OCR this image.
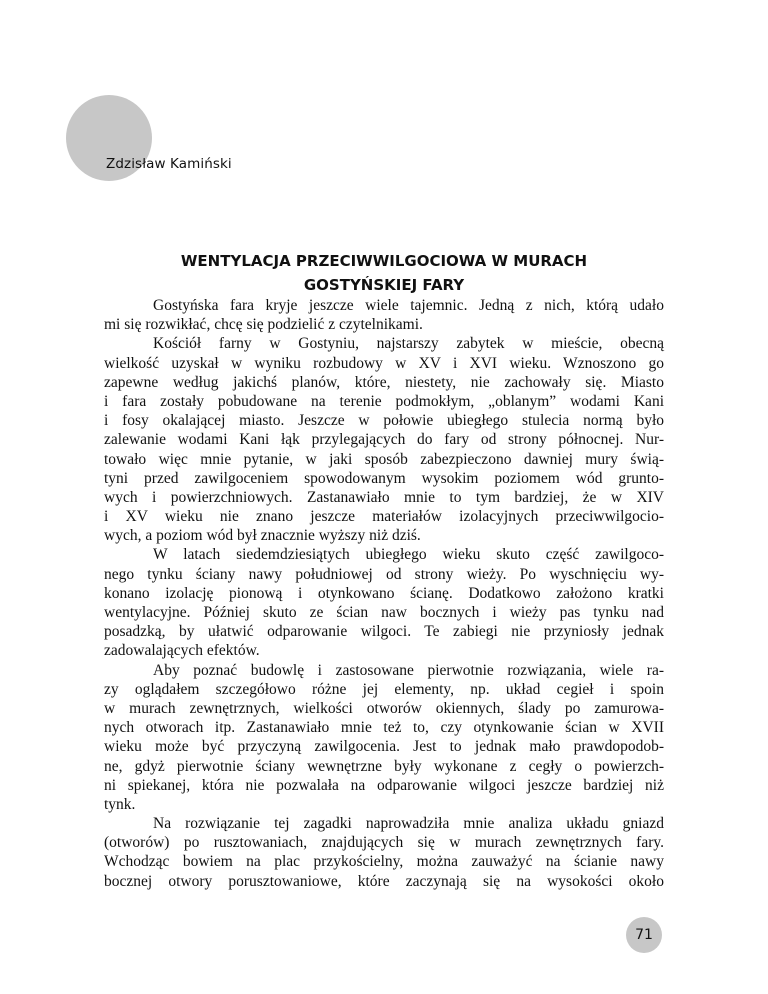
Zdzisław Kamiński
WENTYLACJA PRZECIWWILGOCIOWA W MURACH
GOSTYŃSKIEJ FARY
Gostyńska fara kryje jeszcze wiele tajemnic. Jedną z nich, którą udało
mi się rozwikłać, chcę się podzielić z czytelnikami.
Kościół farny w Gostyniu, najstarszy zabytek w mieście, obecną
wielkość uzyskał w wyniku rozbudowy w XV i XVI wieku. Wznoszono go
zapewne według jakichś planów, które, niestety, nie zachowały się. Miasto
i fara zostały pobudowane na terenie podmokłym, „oblanym” wodami Kani
i fosy okalającej miasto. Jeszcze w połowie ubiegłego stulecia normą było
zalewanie wodami Kani łąk przylegających do fary od strony północnej. Nur-
towało więc mnie pytanie, w jaki sposób zabezpieczono dawniej mury świą-
tyni przed zawilgoceniem spowodowanym wysokim poziomem wód grunto-
wych i powierzchniowych. Zastanawiało mnie to tym bardziej, że w XIV
i XV wieku nie znano jeszcze materiałów izolacyjnych przeciwwilgocio-
wych, a poziom wód był znacznie wyższy niż dziś.
W latach siedemdziesiątych ubiegłego wieku skuto część zawilgoco-
nego tynku ściany nawy południowej od strony wieży. Po wyschnięciu wy-
konano izolację pionową i otynkowano ścianę. Dodatkowo założono kratki
wentylacyjne. Później skuto ze ścian naw bocznych i wieży pas tynku nad
posadzką, by ułatwić odparowanie wilgoci. Te zabiegi nie przyniosły jednak
zadowalających efektów.
Aby poznać budowlę i zastosowane pierwotnie rozwiązania, wiele ra-
zy oglądałem szczegółowo różne jej elementy, np. układ cegieł i spoin
w murach zewnętrznych, wielkości otworów okiennych, ślady po zamurowa-
nych otworach itp. Zastanawiało mnie też to, czy otynkowanie ścian w XVII
wieku może być przyczyną zawilgocenia. Jest to jednak mało prawdopodob-
ne, gdyż pierwotnie ściany wewnętrzne były wykonane z cegły o powierzch-
ni spiekanej, która nie pozwalała na odparowanie wilgoci jeszcze bardziej niż
tynk.
Na rozwiązanie tej zagadki naprowadziła mnie analiza układu gniazd
(otworów) po rusztowaniach, znajdujących się w murach zewnętrznych fary.
Wchodząc bowiem na plac przykościelny, można zauważyć na ścianie nawy
bocznej otwory porusztowaniowe, które zaczynają się na wysokości około
71
